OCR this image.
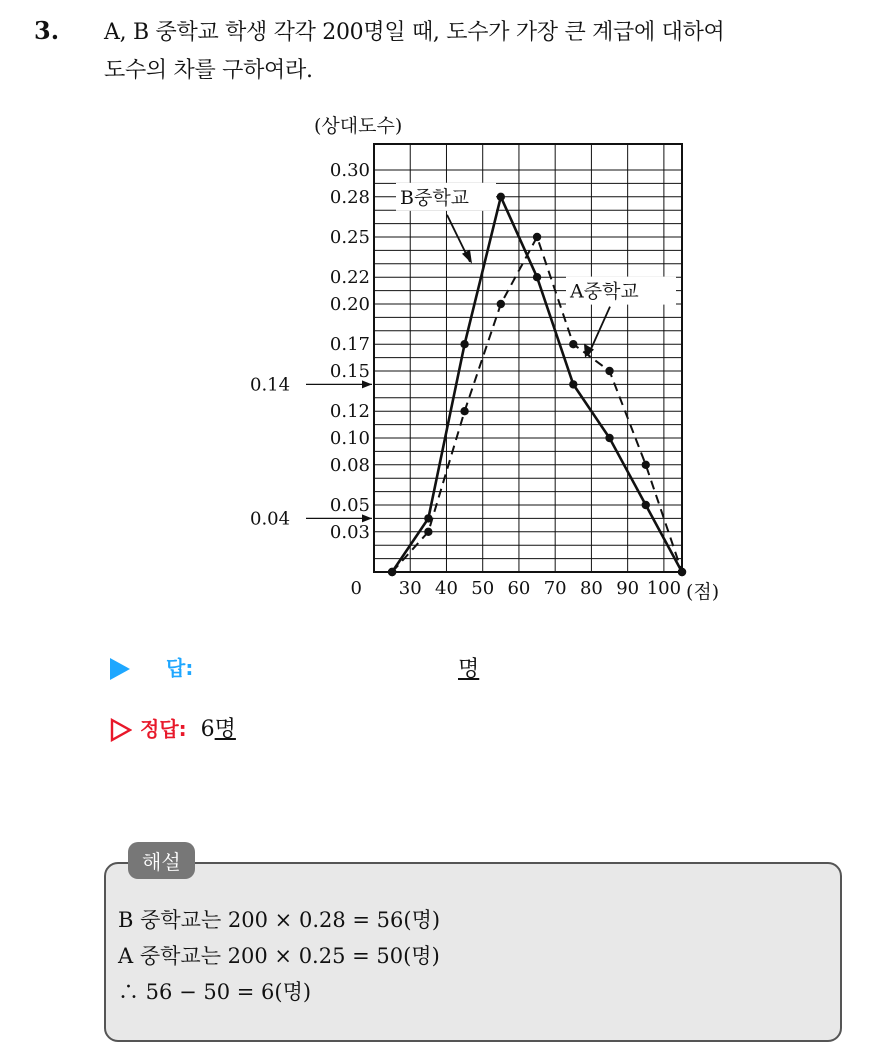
3. A, B 중학교 학생 각각 200명일 때, 도수가 가장 큰 계급에 대하여
도수의 차를 구하여라.
(상대도수)
0.03
0.05
0.08
0.10
0.12
0.15
0.17
0.20
0.22
0.25
0.28
0.30
0.14
0.04
0 30 40 50 60 70 80 90 100 (점)
B중학교
A중학교
답:	명
정답: 6명
해설
B 중학교는 200 × 0.28 = 56(명)
A 중학교는 200 × 0.25 = 50(명)
∴ 56 − 50 = 6(명)
